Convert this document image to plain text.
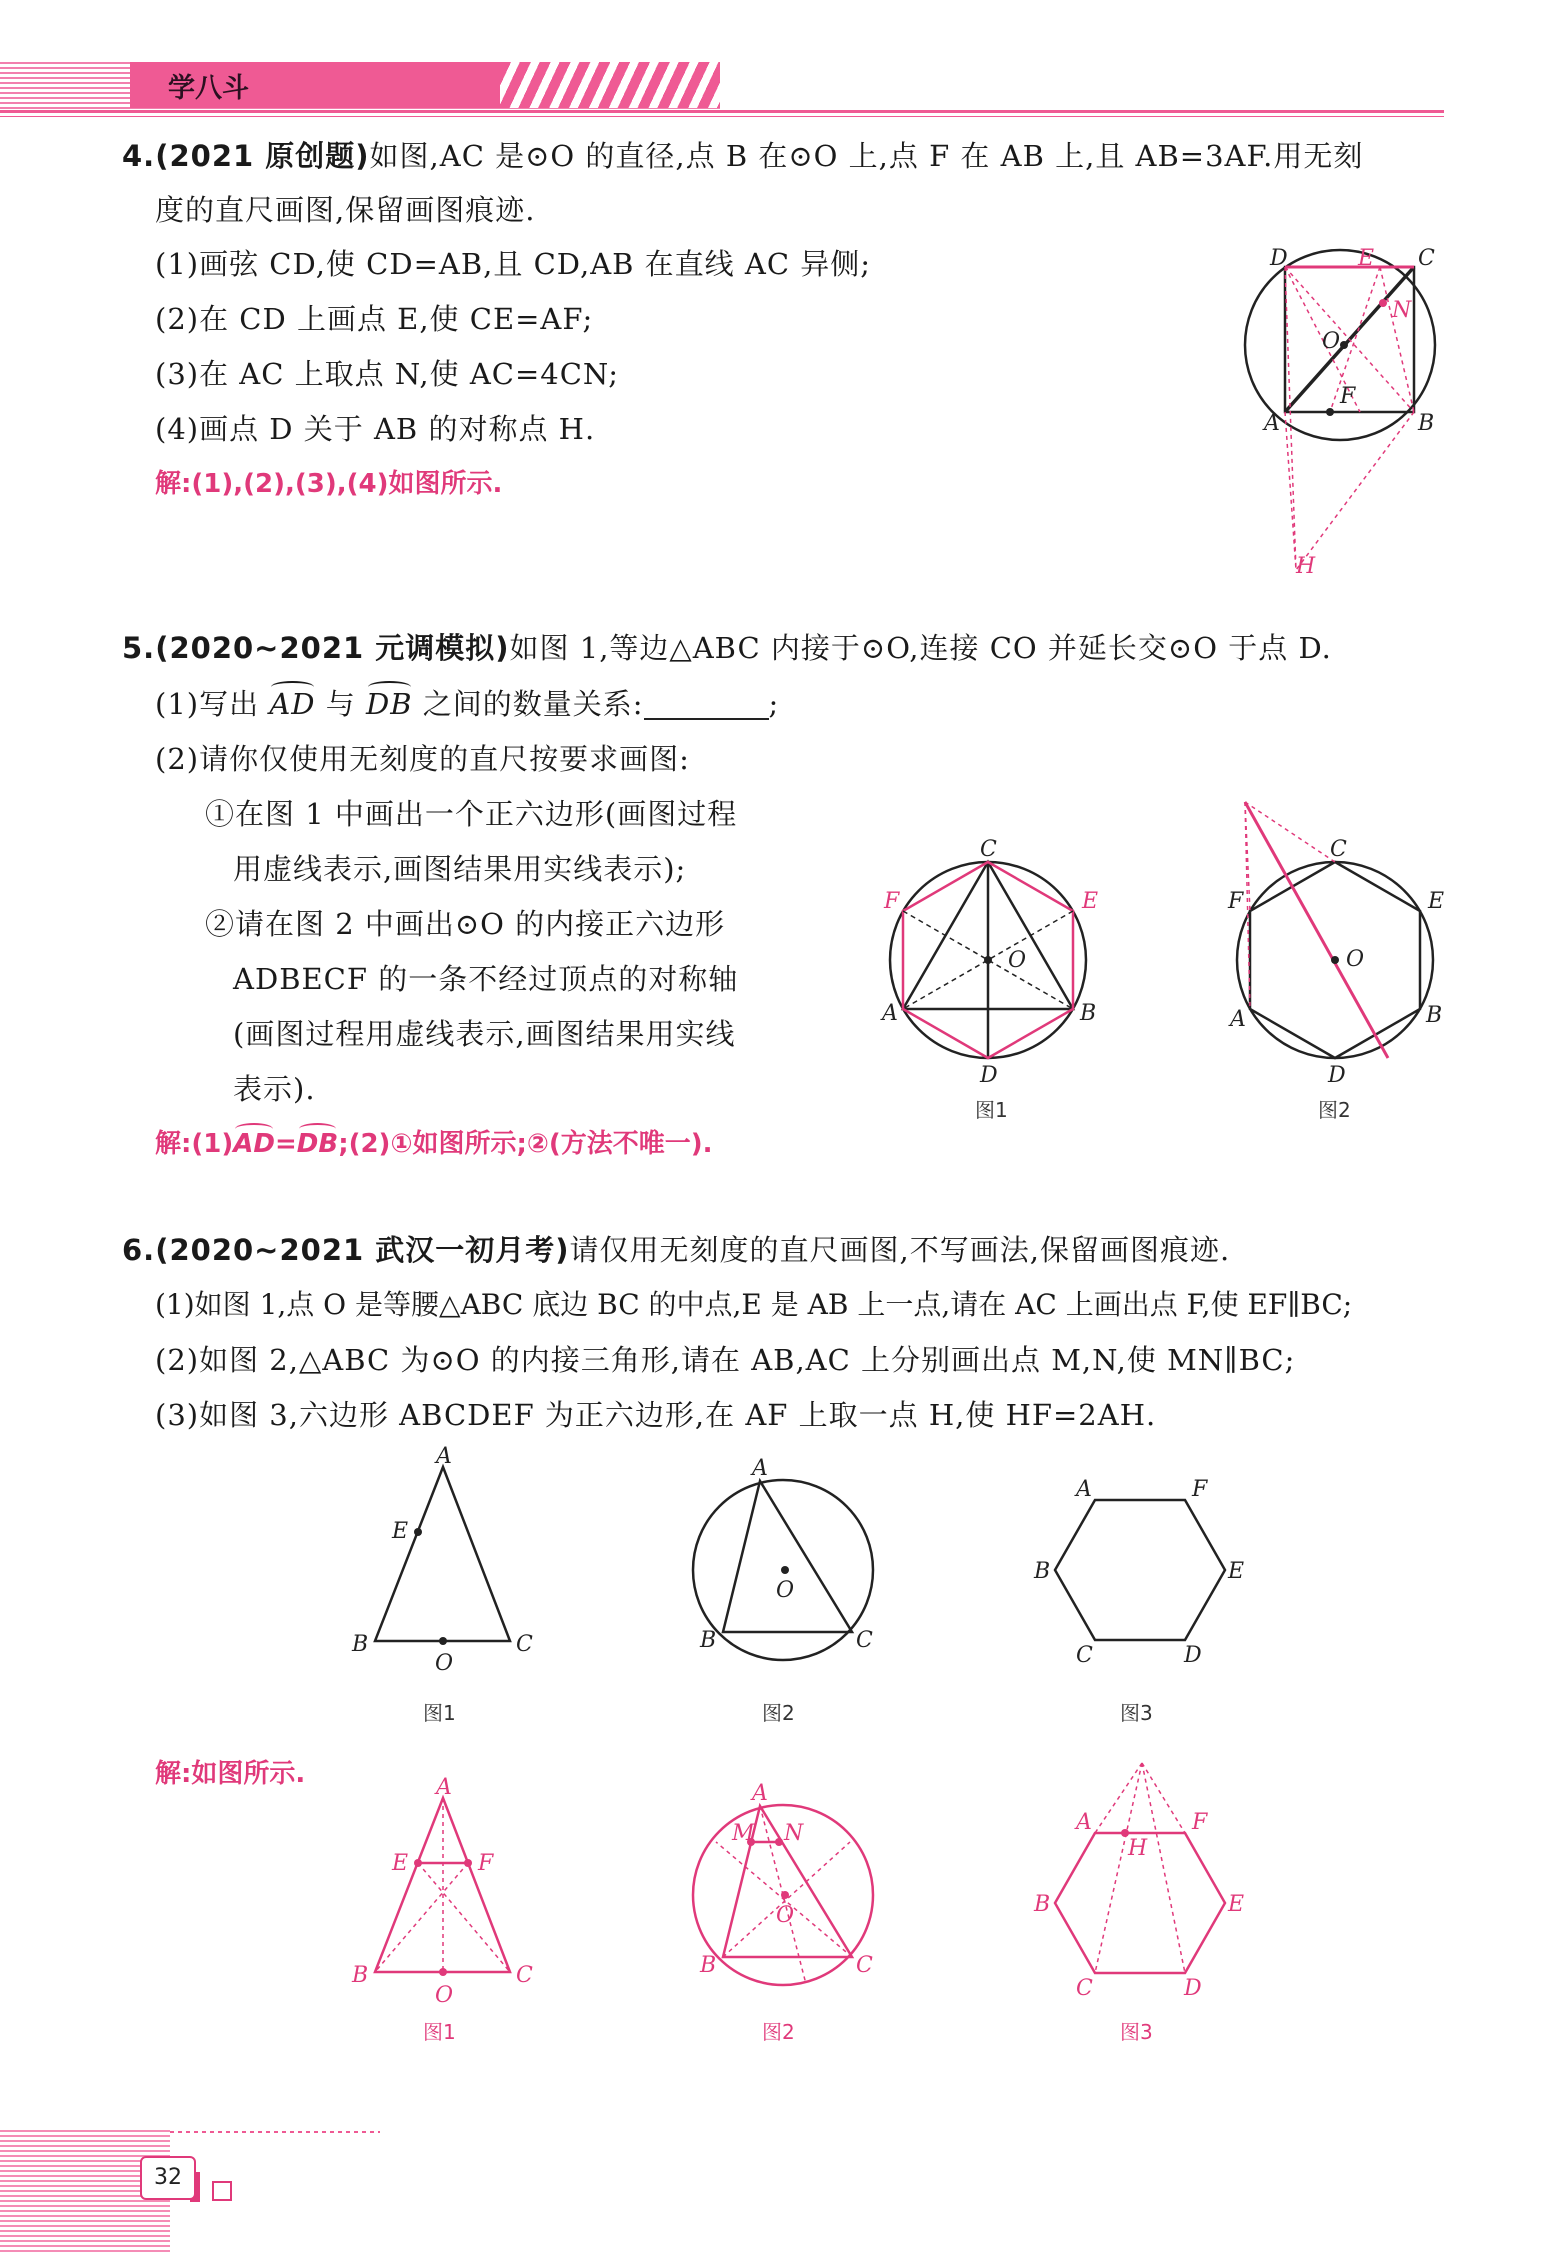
学八斗
4.(2021 原创题)如图,AC 是⊙O 的直径,点 B 在⊙O 上,点 F 在 AB 上,且 AB=3AF.用无刻
度的直尺画图,保留画图痕迹.
(1)画弦 CD,使 CD=AB,且 CD,AB 在直线 AC 异侧;
(2)在 CD 上画点 E,使 CE=AF;
(3)在 AC 上取点 N,使 AC=4CN;
(4)画点 D 关于 AB 的对称点 H.
解:(1),(2),(3),(4)如图所示.
D	E C
N
O
F
A	B
H
5.(2020~2021 元调模拟)如图 1,等边△ABC 内接于⊙O,连接 CO 并延长交⊙O 于点 D.
(1)写出 AD 与 DB 之间的数量关系:	;
(2)请你仅使用无刻度的直尺按要求画图:
①在图 1 中画出一个正六边形(画图过程
用虚线表示,画图结果用实线表示);
②请在图 2 中画出⊙O 的内接正六边形
ADBECF 的一条不经过顶点的对称轴
(画图过程用虚线表示,画图结果用实线
表示).
解:(1)AD=DB;(2)①如图所示;②(方法不唯一).
C
E
F
O
A	B
D
图1
C
E
F
O
A	B
D
图2
6.(2020~2021 武汉一初月考)请仅用无刻度的直尺画图,不写画法,保留画图痕迹.
(1)如图 1,点 O 是等腰△ABC 底边 BC 的中点,E 是 AB 上一点,请在 AC 上画出点 F,使 EF∥BC;
(2)如图 2,△ABC 为⊙O 的内接三角形,请在 AB,AC 上分别画出点 M,N,使 MN∥BC;
(3)如图 3,六边形 ABCDEF 为正六边形,在 AF 上取一点 H,使 HF=2AH.
A
E
B	C
O
图1
A
O
B	C
图2
A	F
B	E
C	D
图3
解:如图所示.	A
E	F
B	C
O
图1
A
M N
O
B	C
图2
A	F
H
B	E
C	D
图3
32
